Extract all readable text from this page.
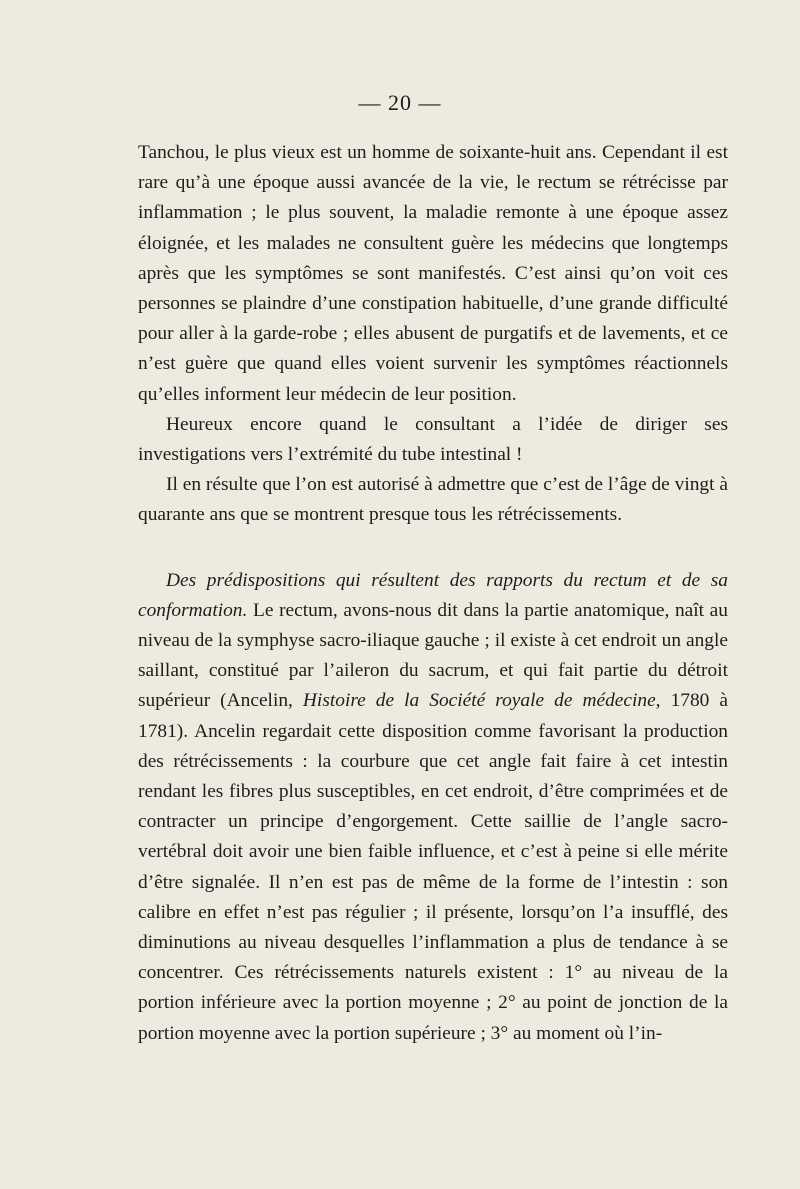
— 20 —

Tanchou, le plus vieux est un homme de soixante-huit ans. Cependant il est rare qu’à une époque aussi avancée de la vie, le rectum se rétrécisse par inflammation ; le plus souvent, la maladie remonte à une époque assez éloignée, et les malades ne consultent guère les médecins que longtemps après que les symptômes se sont manifestés. C’est ainsi qu’on voit ces personnes se plaindre d’une constipation habituelle, d’une grande difficulté pour aller à la garde-robe ; elles abusent de purgatifs et de lavements, et ce n’est guère que quand elles voient survenir les symptômes réactionnels qu’elles informent leur médecin de leur position.

Heureux encore quand le consultant a l’idée de diriger ses investigations vers l’extrémité du tube intestinal !

Il en résulte que l’on est autorisé à admettre que c’est de l’âge de vingt à quarante ans que se montrent presque tous les rétrécissements.

Des prédispositions qui résultent des rapports du rectum et de sa conformation. Le rectum, avons-nous dit dans la partie anatomique, naît au niveau de la symphyse sacro-iliaque gauche ; il existe à cet endroit un angle saillant, constitué par l’aileron du sacrum, et qui fait partie du détroit supérieur (Ancelin, Histoire de la Société royale de médecine, 1780 à 1781). Ancelin regardait cette disposition comme favorisant la production des rétrécissements : la courbure que cet angle fait faire à cet intestin rendant les fibres plus susceptibles, en cet endroit, d’être comprimées et de contracter un principe d’engorgement. Cette saillie de l’angle sacro-vertébral doit avoir une bien faible influence, et c’est à peine si elle mérite d’être signalée. Il n’en est pas de même de la forme de l’intestin : son calibre en effet n’est pas régulier ; il présente, lorsqu’on l’a insufflé, des diminutions au niveau desquelles l’inflammation a plus de tendance à se concentrer. Ces rétrécissements naturels existent : 1° au niveau de la portion inférieure avec la portion moyenne ; 2° au point de jonction de la portion moyenne avec la portion supérieure ; 3° au moment où l’in-
